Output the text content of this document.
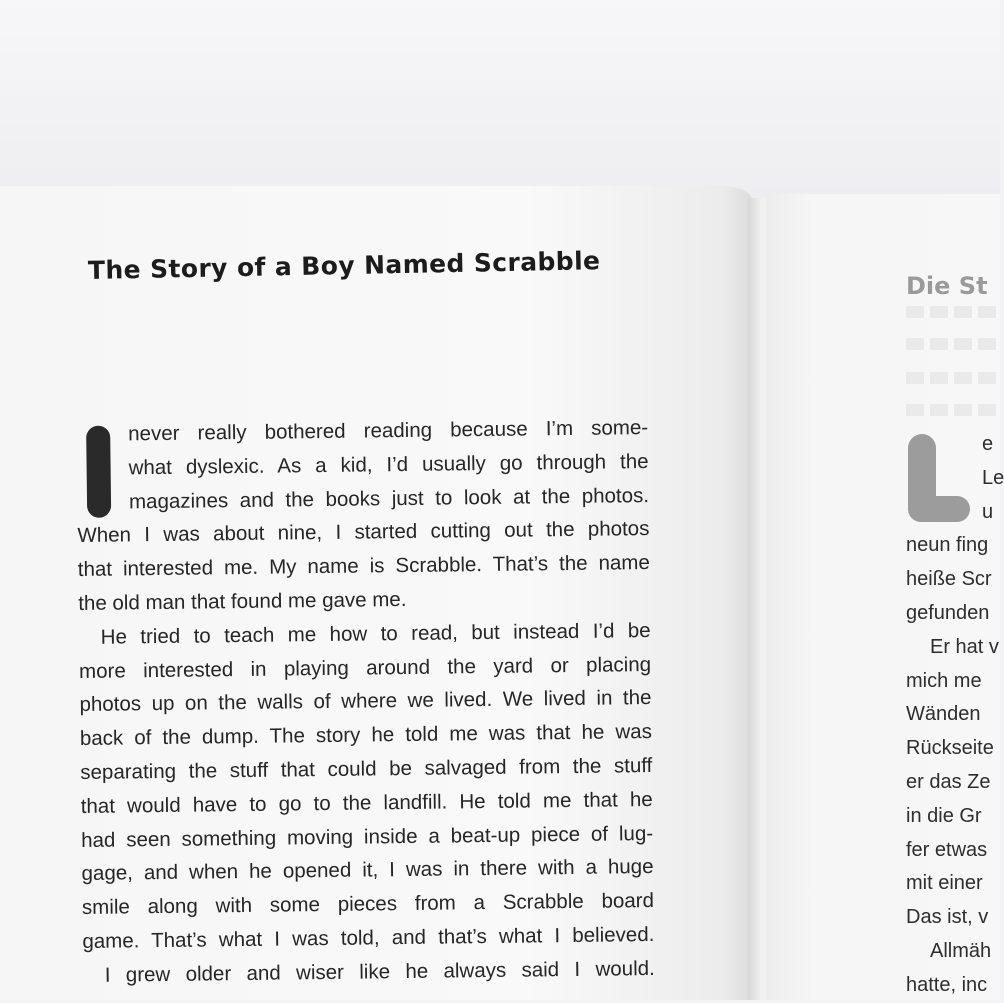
The Story of a Boy Named Scrabble
never really bothered reading because I’m some-
what dyslexic. As a kid, I’d usually go through the
magazines and the books just to look at the photos.
When I was about nine, I started cutting out the photos
that interested me. My name is Scrabble. That’s the name
the old man that found me gave me.
He tried to teach me how to read, but instead I’d be
more interested in playing around the yard or placing
photos up on the walls of where we lived. We lived in the
back of the dump. The story he told me was that he was
separating the stuff that could be salvaged from the stuff
that would have to go to the landfill. He told me that he
had seen something moving inside a beat-up piece of lug-
gage, and when he opened it, I was in there with a huge
smile along with some pieces from a Scrabble board
game. That’s what I was told, and that’s what I believed.
I grew older and wiser like he always said I would.
Die St
e
Le
u
neun fing
heiße Scr
gefunden
Er hat v
mich me
Wänden
Rückseite
er das Ze
in die Gr
fer etwas
mit einer
Das ist, v
Allmäh
hatte, inc
